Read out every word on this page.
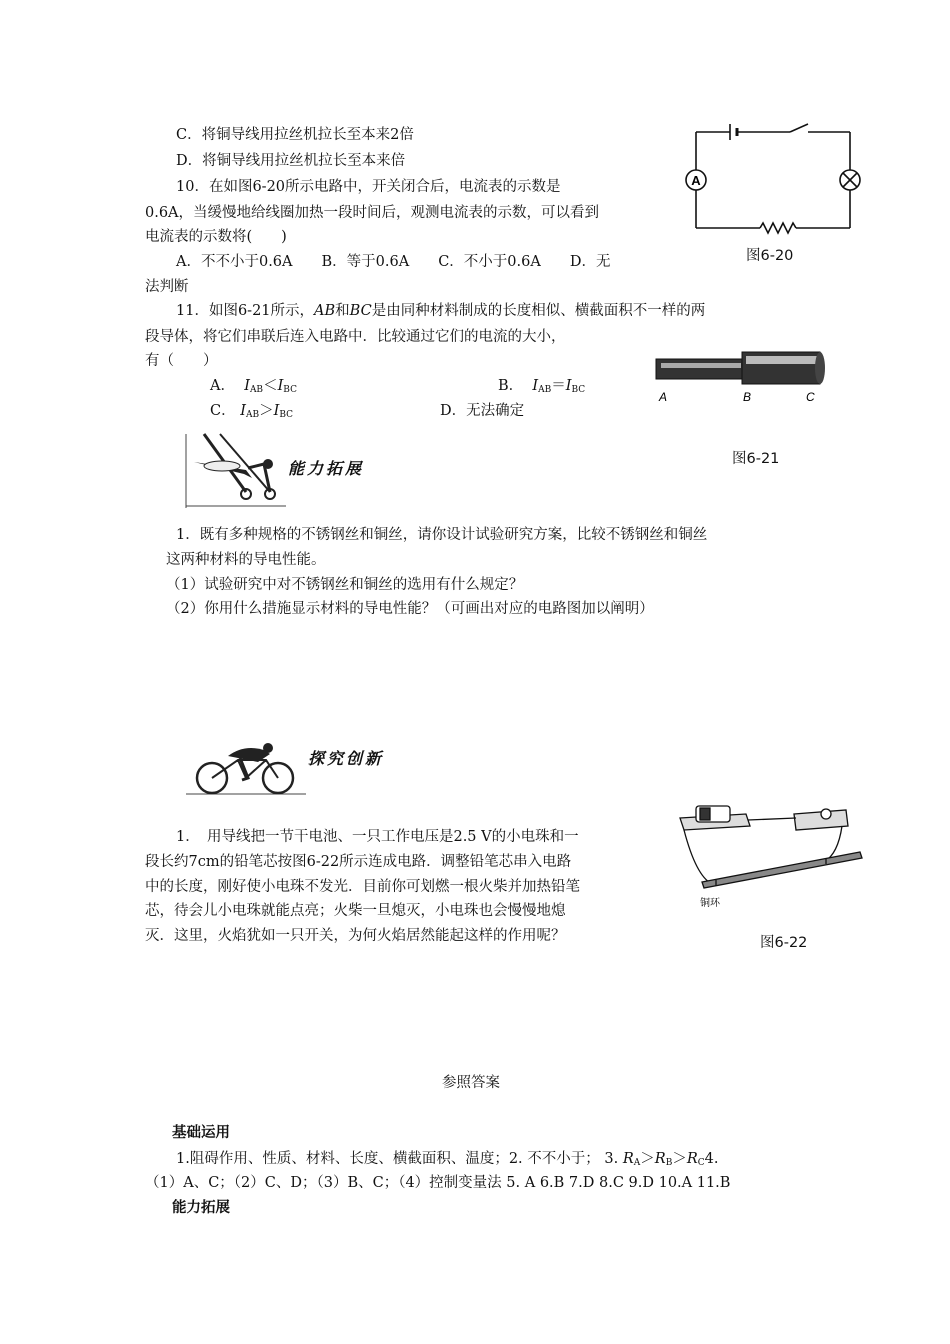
C．将铜导线用拉丝机拉长至本来2倍
D．将铜导线用拉丝机拉长至本来倍
10．在如图6-20所示电路中，开关闭合后，电流表的示数是
0.6A，当缓慢地给线圈加热一段时间后，观测电流表的示数，可以看到
电流表的示数将(　　)
A．不不小于0.6A　　B．等于0.6A　　C．不小于0.6A　　D．无
法判断
A
图6-20
11．如图6-21所示，AB和BC是由同种材料制成的长度相似、横截面积不一样的两
段导体，将它们串联后连入电路中．比较通过它们的电流的大小，
有（　　）
A． $I_{AB}<I_{BC}$	B． $I_{AB}=I_{BC}$
C． $I_{AB}>I_{BC}$	D．无法确定
A	B	C
图6-21
能力拓展
1．既有多种规格的不锈钢丝和铜丝，请你设计试验研究方案，比较不锈钢丝和铜丝
这两种材料的导电性能。
（1）试验研究中对不锈钢丝和铜丝的选用有什么规定？
（2）你用什么措施显示材料的导电性能？（可画出对应的电路图加以阐明）
探究创新
1．　用导线把一节干电池、一只工作电压是2.5 V的小电珠和一
段长约7cm的铅笔芯按图6-22所示连成电路．调整铅笔芯串入电路
中的长度，刚好使小电珠不发光．目前你可划燃一根火柴并加热铅笔
芯，待会儿小电珠就能点亮；火柴一旦熄灭，小电珠也会慢慢地熄
灭．这里，火焰犹如一只开关，为何火焰居然能起这样的作用呢？
铜环
图6-22
参照答案
基础运用
1.阻碍作用、性质、材料、长度、横截面积、温度；2. 不不小于； 3. $R_A>R_B>R_C4$.
（1）A、C；（2）C、D；（3）B、C；（4）控制变量法 5. A 6.B 7.D 8.C 9.D 10.A 11.B
能力拓展
